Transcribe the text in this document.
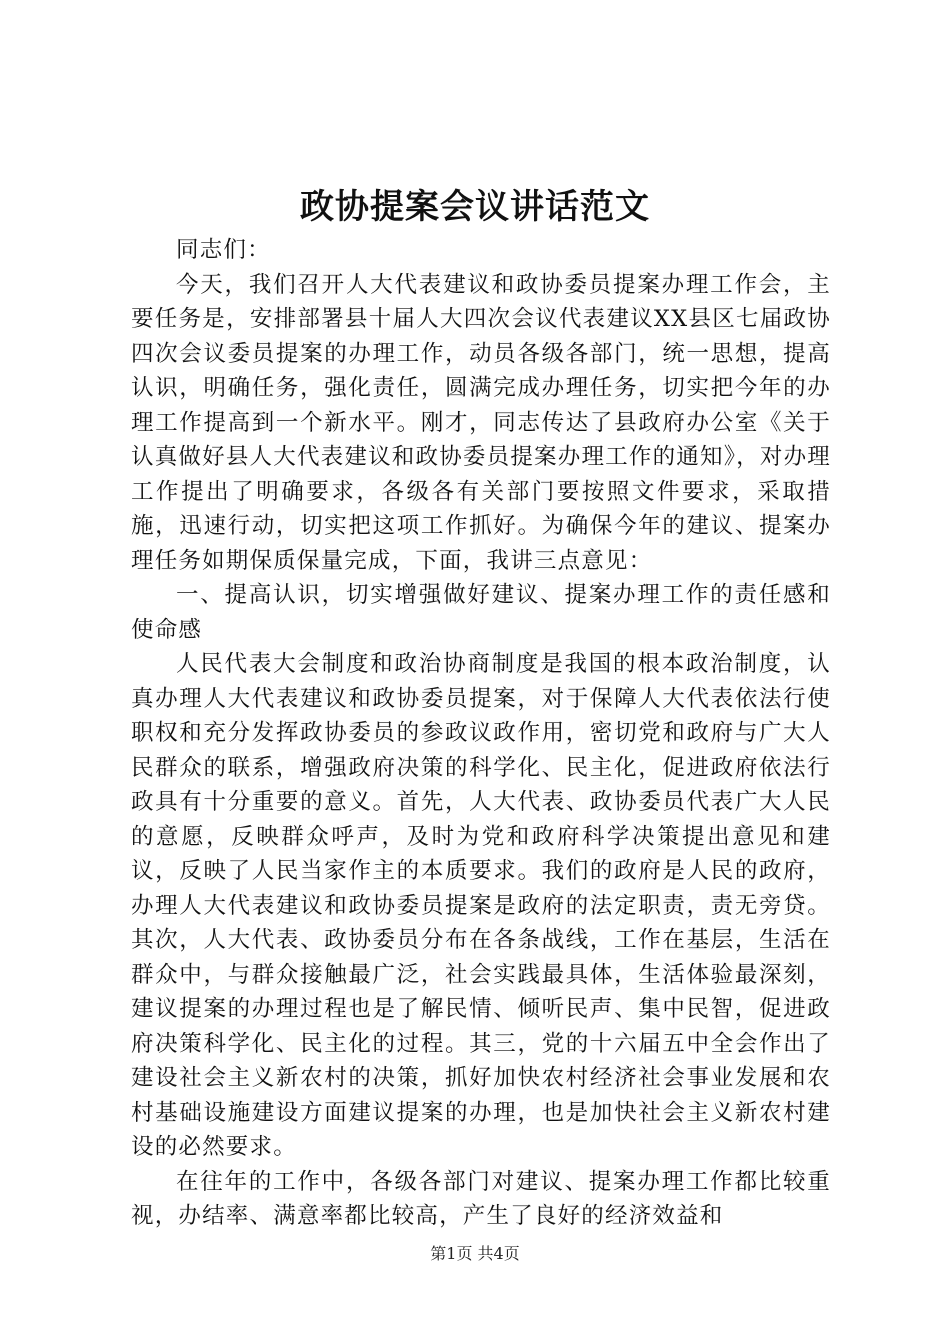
政协提案会议讲话范文

同志们：

今天，我们召开人大代表建议和政协委员提案办理工作会，主要任务是，安排部署县十届人大四次会议代表建议XX县区七届政协四次会议委员提案的办理工作，动员各级各部门，统一思想，提高认识，明确任务，强化责任，圆满完成办理任务，切实把今年的办理工作提高到一个新水平。刚才，同志传达了县政府办公室《关于认真做好县人大代表建议和政协委员提案办理工作的通知》，对办理工作提出了明确要求，各级各有关部门要按照文件要求，采取措施，迅速行动，切实把这项工作抓好。为确保今年的建议、提案办理任务如期保质保量完成，下面，我讲三点意见：

一、提高认识，切实增强做好建议、提案办理工作的责任感和使命感

人民代表大会制度和政治协商制度是我国的根本政治制度，认真办理人大代表建议和政协委员提案，对于保障人大代表依法行使职权和充分发挥政协委员的参政议政作用，密切党和政府与广大人民群众的联系，增强政府决策的科学化、民主化，促进政府依法行政具有十分重要的意义。首先，人大代表、政协委员代表广大人民的意愿，反映群众呼声，及时为党和政府科学决策提出意见和建议，反映了人民当家作主的本质要求。我们的政府是人民的政府，办理人大代表建议和政协委员提案是政府的法定职责，责无旁贷。其次，人大代表、政协委员分布在各条战线，工作在基层，生活在群众中，与群众接触最广泛，社会实践最具体，生活体验最深刻，建议提案的办理过程也是了解民情、倾听民声、集中民智，促进政府决策科学化、民主化的过程。其三，党的十六届五中全会作出了建设社会主义新农村的决策，抓好加快农村经济社会事业发展和农村基础设施建设方面建议提案的办理，也是加快社会主义新农村建设的必然要求。

在往年的工作中，各级各部门对建议、提案办理工作都比较重视，办结率、满意率都比较高，产生了良好的经济效益和

第1页 共4页
